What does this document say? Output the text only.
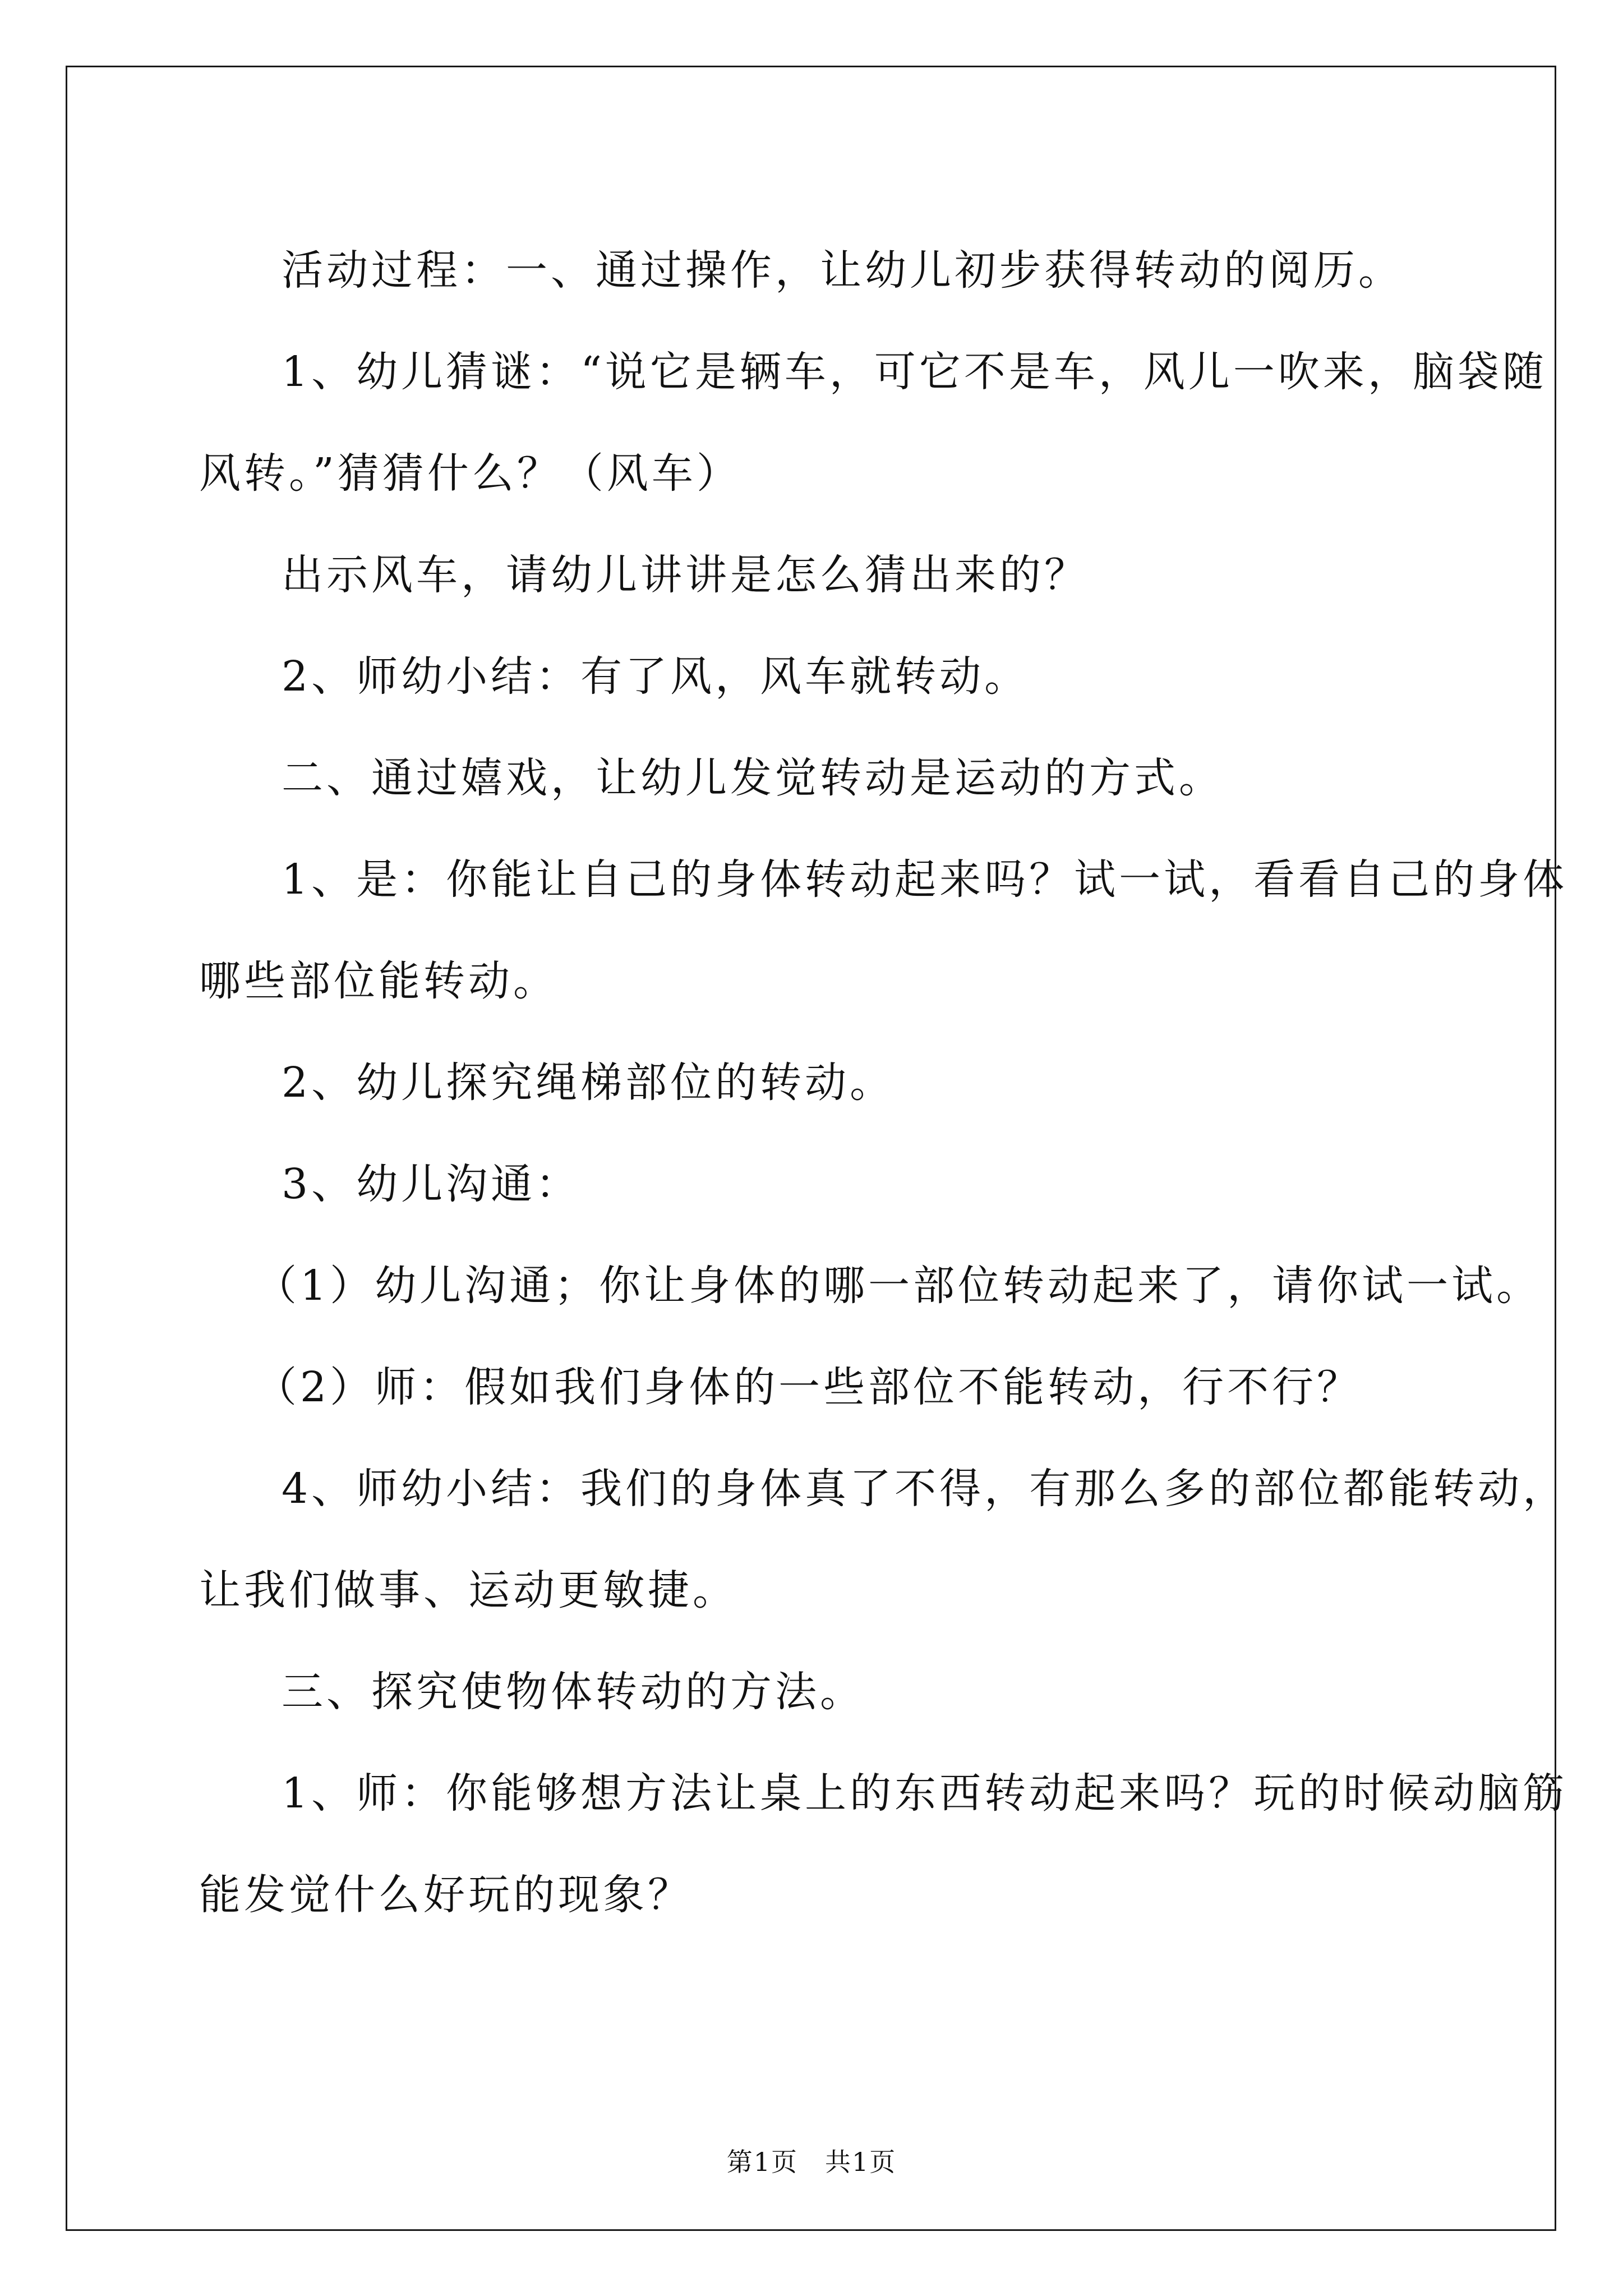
活动过程：一、通过操作，让幼儿初步获得转动的阅历。
1、幼儿猜谜：“说它是辆车，可它不是车，风儿一吹来，脑袋随
风转。”猜猜什么？（风车）
出示风车，请幼儿讲讲是怎么猜出来的？
2、师幼小结：有了风，风车就转动。
二、通过嬉戏，让幼儿发觉转动是运动的方式。
1、是：你能让自己的身体转动起来吗？试一试，看看自己的身体
哪些部位能转动。
2、幼儿探究绳梯部位的转动。
3、幼儿沟通：
（1）幼儿沟通；你让身体的哪一部位转动起来了，请你试一试。
（2）师：假如我们身体的一些部位不能转动，行不行？
4、师幼小结：我们的身体真了不得，有那么多的部位都能转动，
让我们做事、运动更敏捷。
三、探究使物体转动的方法。
1、师：你能够想方法让桌上的东西转动起来吗？玩的时候动脑筋
能发觉什么好玩的现象？
第1页　共1页
